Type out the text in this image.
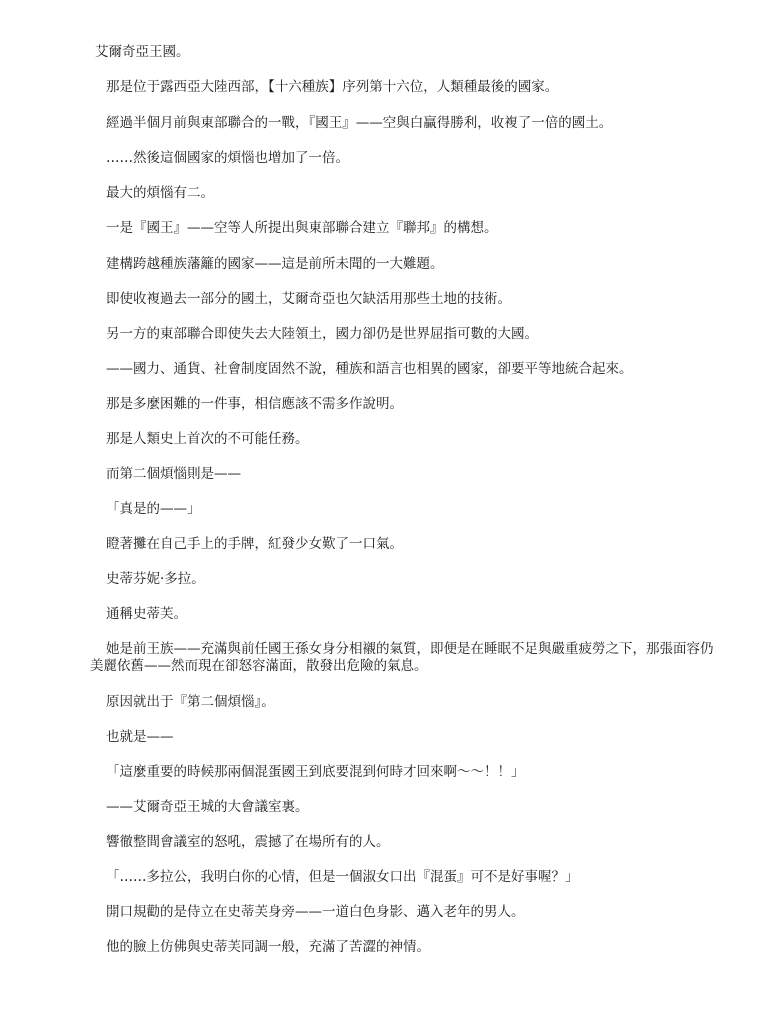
艾爾奇亞王國。

那是位于露西亞大陸西部，【十六種族】序列第十六位，人類種最後的國家。

經過半個月前與東部聯合的一戰，『國王』——空與白贏得勝利，收複了一倍的國土。

……然後這個國家的煩惱也增加了一倍。

最大的煩惱有二。

一是『國王』——空等人所提出與東部聯合建立『聯邦』的構想。

建構跨越種族藩籬的國家——這是前所未聞的一大難題。

即使收複過去一部分的國土，艾爾奇亞也欠缺活用那些土地的技術。

另一方的東部聯合即使失去大陸領土，國力卻仍是世界屈指可數的大國。

——國力、通貨、社會制度固然不說，種族和語言也相異的國家，卻要平等地統合起來。

那是多麼困難的一件事，相信應該不需多作說明。

那是人類史上首次的不可能任務。

而第二個煩惱則是——

「真是的——」

瞪著攤在自己手上的手牌，紅發少女歎了一口氣。

史蒂芬妮·多拉。

通稱史蒂芙。

她是前王族——充滿與前任國王孫女身分相襯的氣質，即便是在睡眠不足與嚴重疲勞之下，那張面容仍美麗依舊——然而現在卻怒容滿面，散發出危險的氣息。

原因就出于『第二個煩惱』。

也就是——

「這麼重要的時候那兩個混蛋國王到底要混到何時才回來啊～～！！」

——艾爾奇亞王城的大會議室裏。

響徹整間會議室的怒吼，震撼了在場所有的人。

「……多拉公，我明白你的心情，但是一個淑女口出『混蛋』可不是好事喔？」

開口規勸的是侍立在史蒂芙身旁——一道白色身影、邁入老年的男人。

他的臉上仿佛與史蒂芙同調一般，充滿了苦澀的神情。
